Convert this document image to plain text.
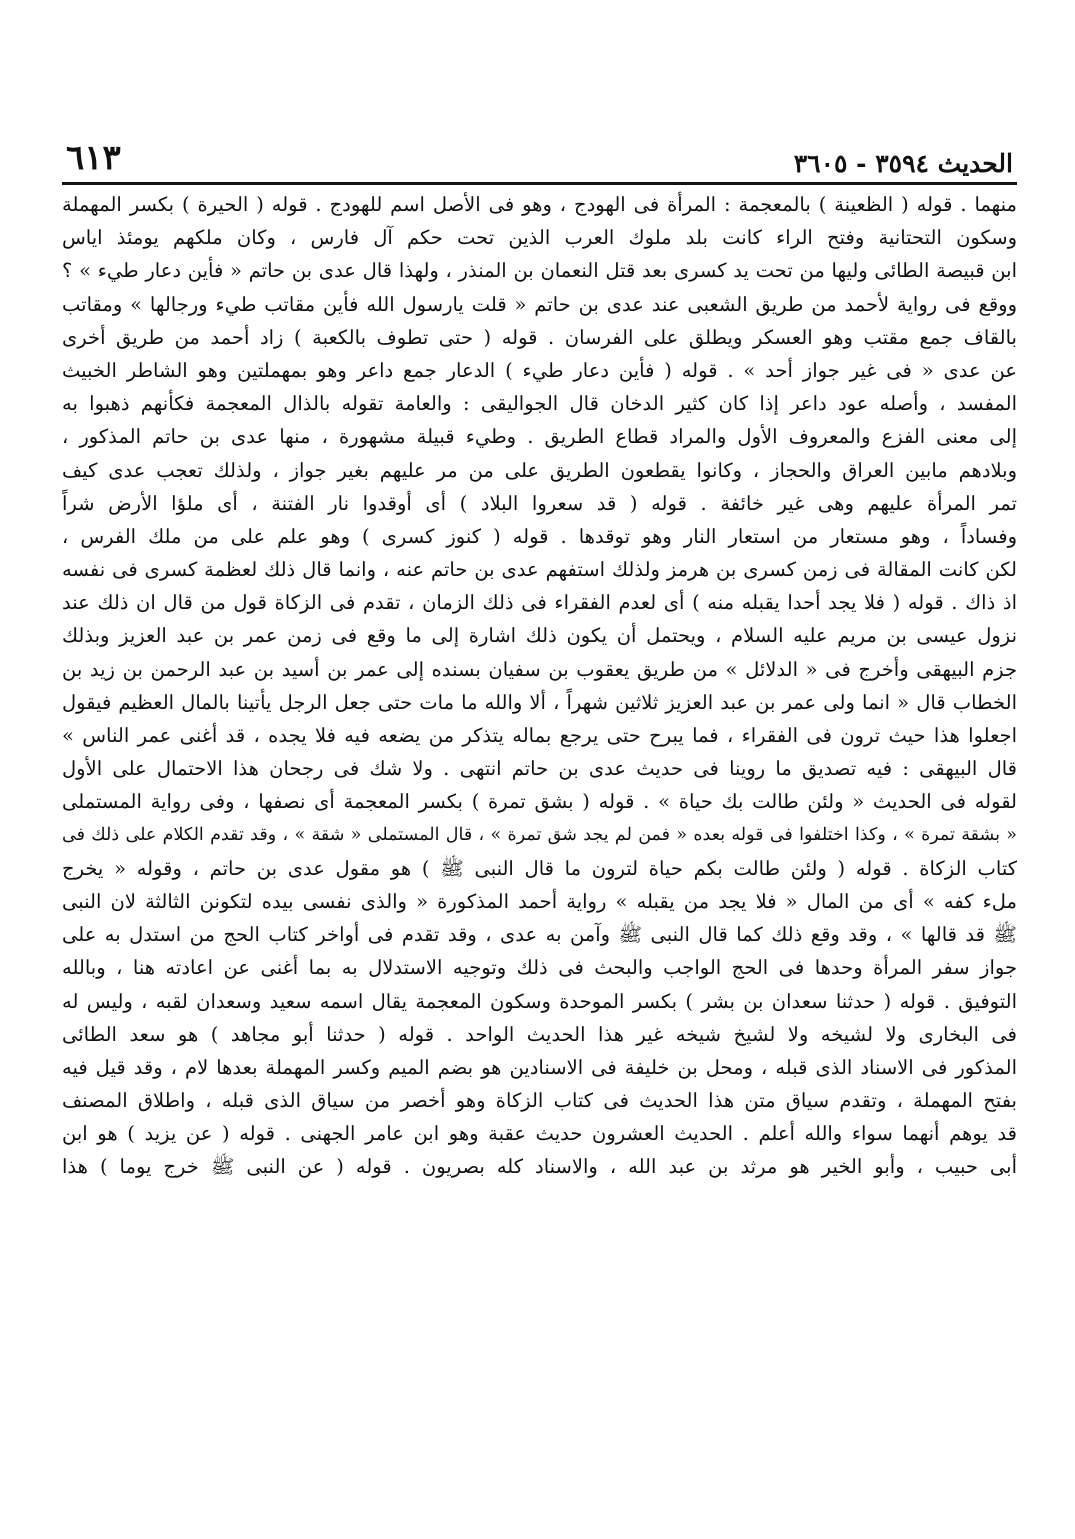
الحديث ٣٥٩٤ - ٣٦٠٥
٦١٣
منهما . قوله ( الظعينة ) بالمعجمة : المرأة فى الهودج ، وهو فى الأصل اسم للهودج . قوله ( الحيرة ) بكسر المهملة
وسكون التحتانية وفتح الراء كانت بلد ملوك العرب الذين تحت حكم آل فارس ، وكان ملكهم يومئذ اياس
ابن قبيصة الطائى وليها من تحت يد كسرى بعد قتل النعمان بن المنذر ، ولهذا قال عدى بن حاتم « فأين دعار طيء » ؟
ووقع فى رواية لأحمد من طريق الشعبى عند عدى بن حاتم « قلت يارسول الله فأين مقاتب طيء ورجالها » ومقاتب
بالقاف جمع مقتب وهو العسكر ويطلق على الفرسان . قوله ( حتى تطوف بالكعبة ) زاد أحمد من طريق أخرى
عن عدى « فى غير جواز أحد » . قوله ( فأين دعار طيء ) الدعار جمع داعر وهو بمهملتين وهو الشاطر الخبيث
المفسد ، وأصله عود داعر إذا كان كثير الدخان قال الجواليقى : والعامة تقوله بالذال المعجمة فكأنهم ذهبوا به
إلى معنى الفزع والمعروف الأول والمراد قطاع الطريق . وطيء قبيلة مشهورة ، منها عدى بن حاتم المذكور ،
وبلادهم مابين العراق والحجاز ، وكانوا يقطعون الطريق على من مر عليهم بغير جواز ، ولذلك تعجب عدى كيف
تمر المرأة عليهم وهى غير خائفة . قوله ( قد سعروا البلاد ) أى أوقدوا نار الفتنة ، أى ملؤا الأرض شراً
وفساداً ، وهو مستعار من استعار النار وهو توقدها . قوله ( كنوز كسرى ) وهو علم على من ملك الفرس ،
لكن كانت المقالة فى زمن كسرى بن هرمز ولذلك استفهم عدى بن حاتم عنه ، وانما قال ذلك لعظمة كسرى فى نفسه
اذ ذاك . قوله ( فلا يجد أحدا يقبله منه ) أى لعدم الفقراء فى ذلك الزمان ، تقدم فى الزكاة قول من قال ان ذلك عند
نزول عيسى بن مريم عليه السلام ، ويحتمل أن يكون ذلك اشارة إلى ما وقع فى زمن عمر بن عبد العزيز وبذلك
جزم البيهقى وأخرج فى « الدلائل » من طريق يعقوب بن سفيان بسنده إلى عمر بن أسيد بن عبد الرحمن بن زيد بن
الخطاب قال « انما ولى عمر بن عبد العزيز ثلاثين شهراً ، ألا والله ما مات حتى جعل الرجل يأتينا بالمال العظيم فيقول
اجعلوا هذا حيث ترون فى الفقراء ، فما يبرح حتى يرجع بماله يتذكر من يضعه فيه فلا يجده ، قد أغنى عمر الناس »
قال البيهقى : فيه تصديق ما روينا فى حديث عدى بن حاتم انتهى . ولا شك فى رجحان هذا الاحتمال على الأول
لقوله فى الحديث « ولئن طالت بك حياة » . قوله ( بشق تمرة ) بكسر المعجمة أى نصفها ، وفى رواية المستملى
« بشقة تمرة » ، وكذا اختلفوا فى قوله بعده « فمن لم يجد شق تمرة » ، قال المستملى « شقة » ، وقد تقدم الكلام على ذلك فى
كتاب الزكاة . قوله ( ولئن طالت بكم حياة لترون ما قال النبى ﷺ ) هو مقول عدى بن حاتم ، وقوله « يخرج
ملء كفه » أى من المال « فلا يجد من يقبله » رواية أحمد المذكورة « والذى نفسى بيده لتكونن الثالثة لان النبى
ﷺ قد قالها » ، وقد وقع ذلك كما قال النبى ﷺ وآمن به عدى ، وقد تقدم فى أواخر كتاب الحج من استدل به على
جواز سفر المرأة وحدها فى الحج الواجب والبحث فى ذلك وتوجيه الاستدلال به بما أغنى عن اعادته هنا ، وبالله
التوفيق . قوله ( حدثنا سعدان بن بشر ) بكسر الموحدة وسكون المعجمة يقال اسمه سعيد وسعدان لقبه ، وليس له
فى البخارى ولا لشيخه ولا لشيخ شيخه غير هذا الحديث الواحد . قوله ( حدثنا أبو مجاهد ) هو سعد الطائى
المذكور فى الاسناد الذى قبله ، ومحل بن خليفة فى الاسنادين هو بضم الميم وكسر المهملة بعدها لام ، وقد قيل فيه
بفتح المهملة ، وتقدم سياق متن هذا الحديث فى كتاب الزكاة وهو أخصر من سياق الذى قبله ، واطلاق المصنف
قد يوهم أنهما سواء والله أعلم . الحديث العشرون حديث عقبة وهو ابن عامر الجهنى . قوله ( عن يزيد ) هو ابن
أبى حبيب ، وأبو الخير هو مرثد بن عبد الله ، والاسناد كله بصريون . قوله ( عن النبى ﷺ خرج يوما ) هذا
